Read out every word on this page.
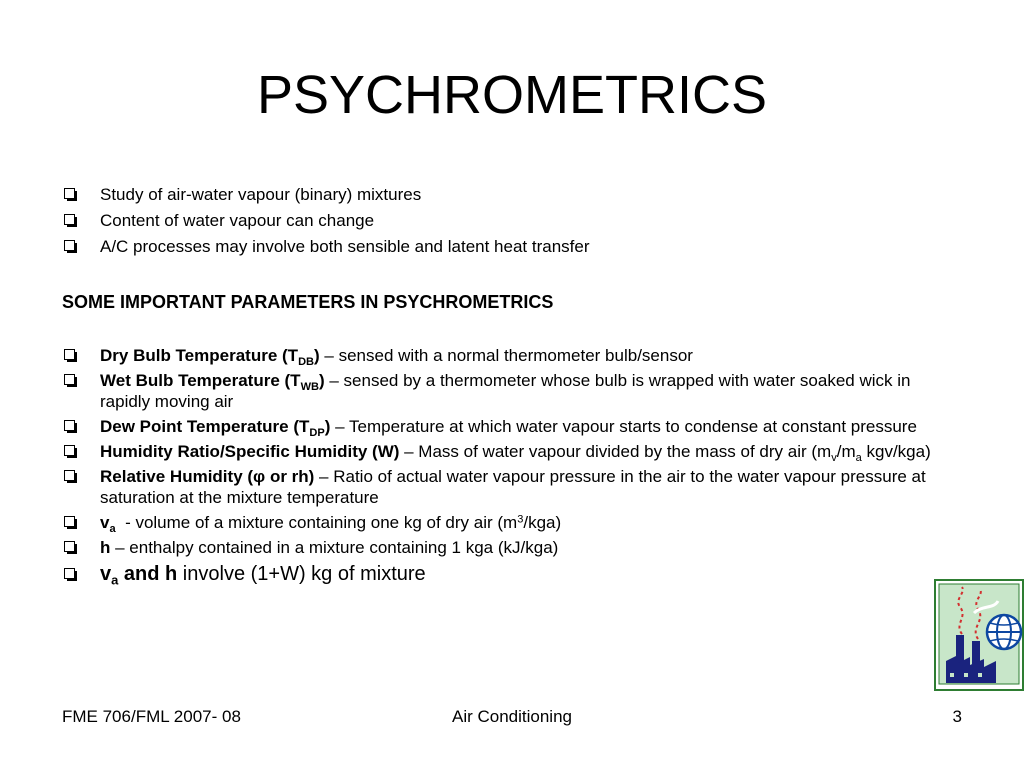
PSYCHROMETRICS
Study of air-water vapour (binary) mixtures
Content of water vapour can change
A/C processes may involve both sensible and latent heat transfer
SOME IMPORTANT PARAMETERS IN PSYCHROMETRICS
Dry Bulb Temperature $(T_{DB})$ – sensed with a normal thermometer bulb/sensor
Wet Bulb Temperature $(T_{WB})$ – sensed by a thermometer whose bulb is wrapped with water soaked wick in rapidly moving air
Dew Point Temperature $(T_{DP})$ – Temperature at which water vapour starts to condense at constant pressure
Humidity Ratio/Specific Humidity (W) – Mass of water vapour divided by the mass of dry air ($m_v/m_a$ kgv/kga)
Relative Humidity (φ or rh) – Ratio of actual water vapour pressure in the air to the water vapour pressure at saturation at the mixture temperature
$v_a$  - volume of a mixture containing one kg of dry air $(m^3/kga)$
h – enthalpy contained in a mixture containing 1 kga (kJ/kga)
$v_a$ and h involve (1+W) kg of mixture
FME 706/FML 2007- 08	Air Conditioning	3
